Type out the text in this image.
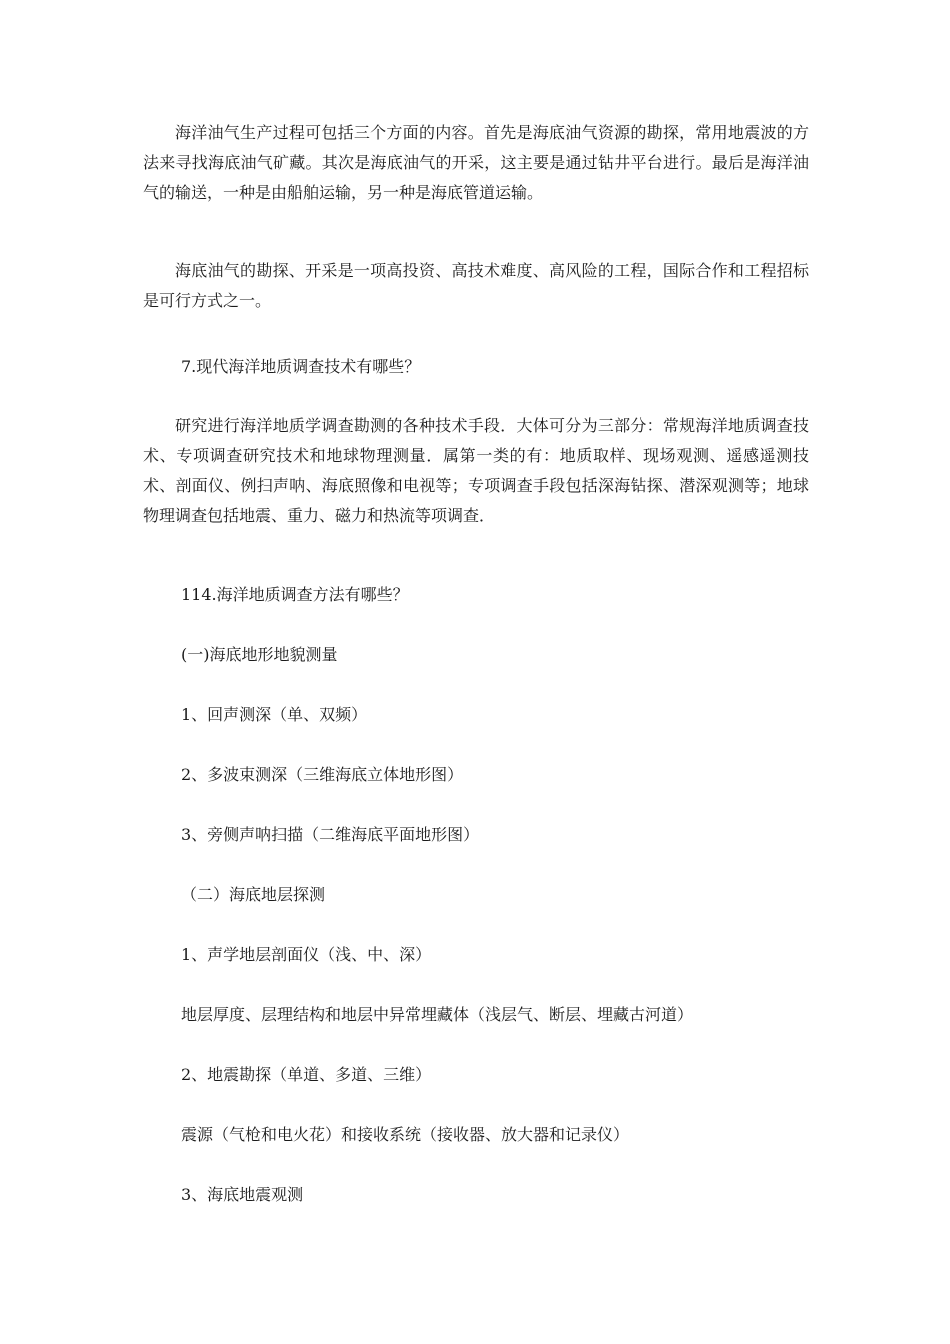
海洋油气生产过程可包括三个方面的内容。首先是海底油气资源的勘探，常用地震波的方法来寻找海底油气矿藏。其次是海底油气的开采，这主要是通过钻井平台进行。最后是海洋油气的输送，一种是由船舶运输，另一种是海底管道运输。

海底油气的勘探、开采是一项高投资、高技术难度、高风险的工程，国际合作和工程招标是可行方式之一。

7.现代海洋地质调查技术有哪些？

研究进行海洋地质学调查勘测的各种技术手段．大体可分为三部分：常规海洋地质调查技术、专项调查研究技术和地球物理测量．属第一类的有：地质取样、现场观测、遥感遥测技术、剖面仪、例扫声呐、海底照像和电视等；专项调查手段包括深海钻探、潜深观测等；地球物理调查包括地震、重力、磁力和热流等项调查．

114.海洋地质调查方法有哪些？

(一)海底地形地貌测量

1、回声测深（单、双频）

2、多波束测深（三维海底立体地形图）

3、旁侧声呐扫描（二维海底平面地形图）

（二）海底地层探测

1、声学地层剖面仪（浅、中、深）

地层厚度、层理结构和地层中异常埋藏体（浅层气、断层、埋藏古河道）

2、地震勘探（单道、多道、三维）

震源（气枪和电火花）和接收系统（接收器、放大器和记录仪）

3、海底地震观测
